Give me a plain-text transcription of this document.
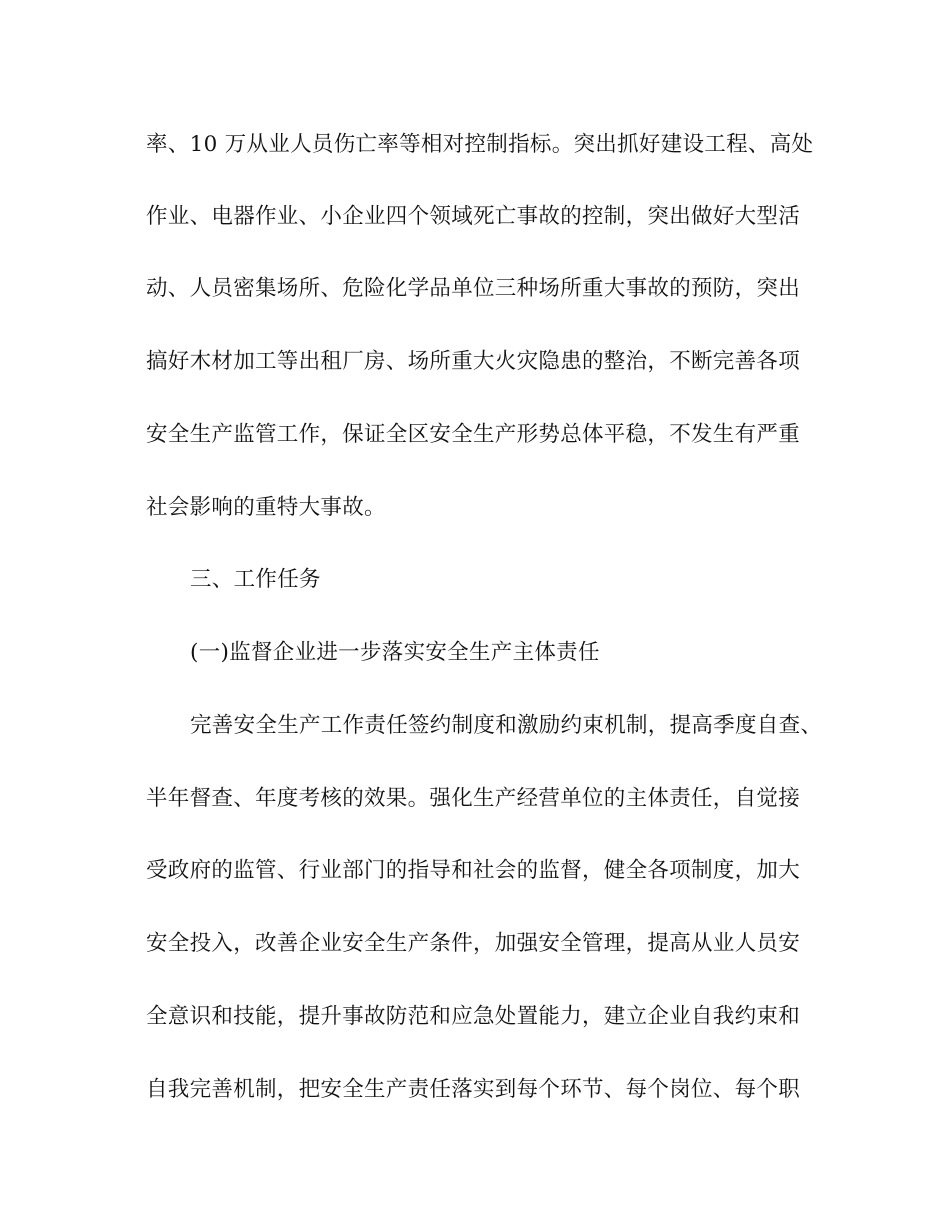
率、10 万从业人员伤亡率等相对控制指标。突出抓好建设工程、高处

作业、电器作业、小企业四个领域死亡事故的控制，突出做好大型活

动、人员密集场所、危险化学品单位三种场所重大事故的预防，突出

搞好木材加工等出租厂房、场所重大火灾隐患的整治，不断完善各项

安全生产监管工作，保证全区安全生产形势总体平稳，不发生有严重

社会影响的重特大事故。

三、工作任务

(一)监督企业进一步落实安全生产主体责任

完善安全生产工作责任签约制度和激励约束机制，提高季度自查、

半年督查、年度考核的效果。强化生产经营单位的主体责任，自觉接

受政府的监管、行业部门的指导和社会的监督，健全各项制度，加大

安全投入，改善企业安全生产条件，加强安全管理，提高从业人员安

全意识和技能，提升事故防范和应急处置能力，建立企业自我约束和

自我完善机制，把安全生产责任落实到每个环节、每个岗位、每个职
